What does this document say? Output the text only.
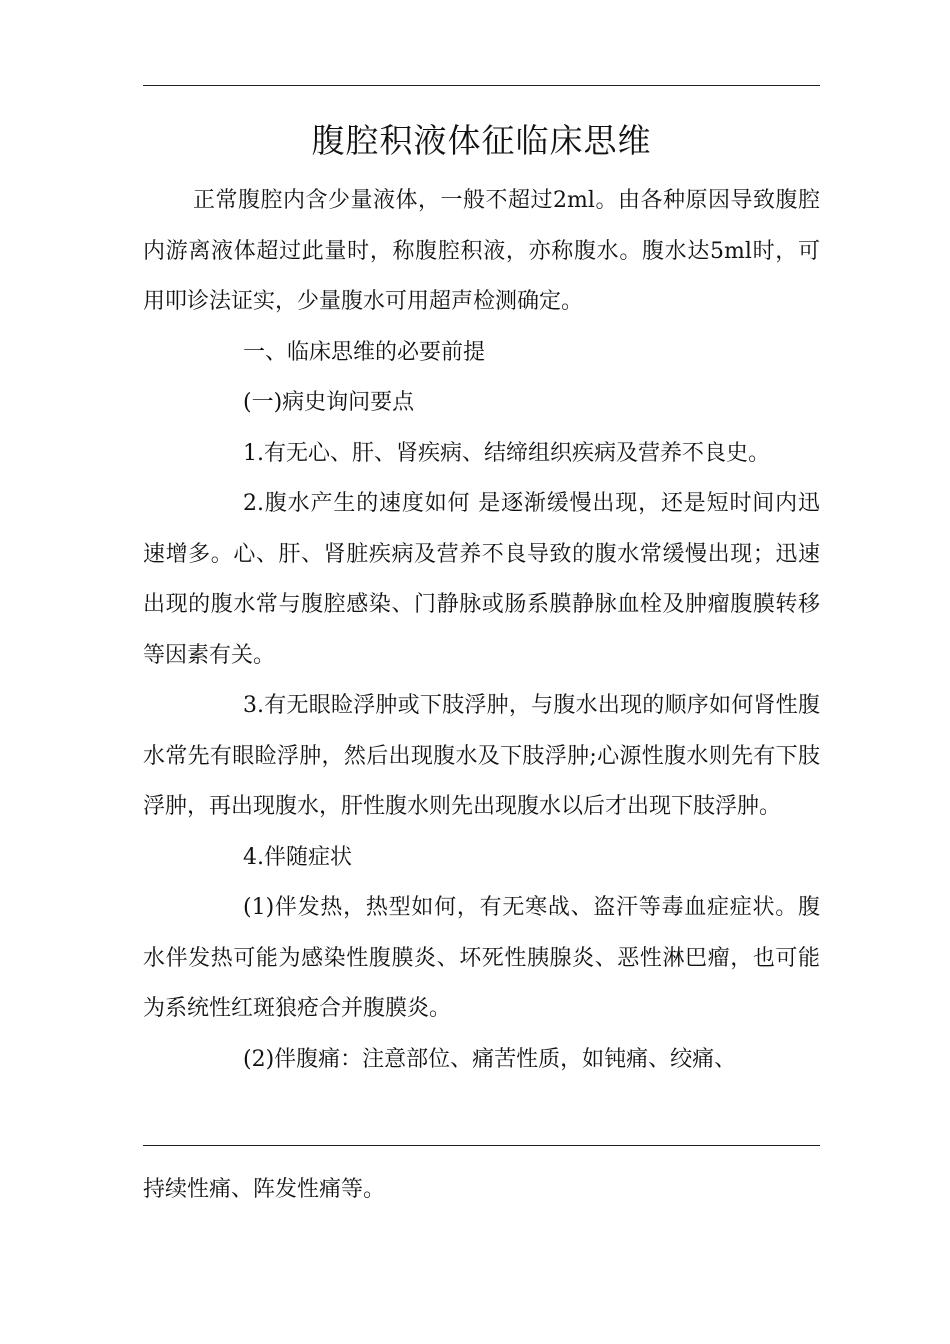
腹腔积液体征临床思维

正常腹腔内含少量液体，一般不超过2ml。由各种原因导致腹腔内游离液体超过此量时，称腹腔积液，亦称腹水。腹水达5ml时，可用叩诊法证实，少量腹水可用超声检测确定。

一、临床思维的必要前提

(一)病史询问要点

1.有无心、肝、肾疾病、结缔组织疾病及营养不良史。

2.腹水产生的速度如何 是逐渐缓慢出现，还是短时间内迅速增多。心、肝、肾脏疾病及营养不良导致的腹水常缓慢出现；迅速出现的腹水常与腹腔感染、门静脉或肠系膜静脉血栓及肿瘤腹膜转移等因素有关。

3.有无眼睑浮肿或下肢浮肿，与腹水出现的顺序如何肾性腹水常先有眼睑浮肿，然后出现腹水及下肢浮肿;心源性腹水则先有下肢浮肿，再出现腹水，肝性腹水则先出现腹水以后才出现下肢浮肿。

4.伴随症状

(1)伴发热，热型如何，有无寒战、盗汗等毒血症症状。腹水伴发热可能为感染性腹膜炎、坏死性胰腺炎、恶性淋巴瘤，也可能为系统性红斑狼疮合并腹膜炎。

(2)伴腹痛：注意部位、痛苦性质，如钝痛、绞痛、

持续性痛、阵发性痛等。
